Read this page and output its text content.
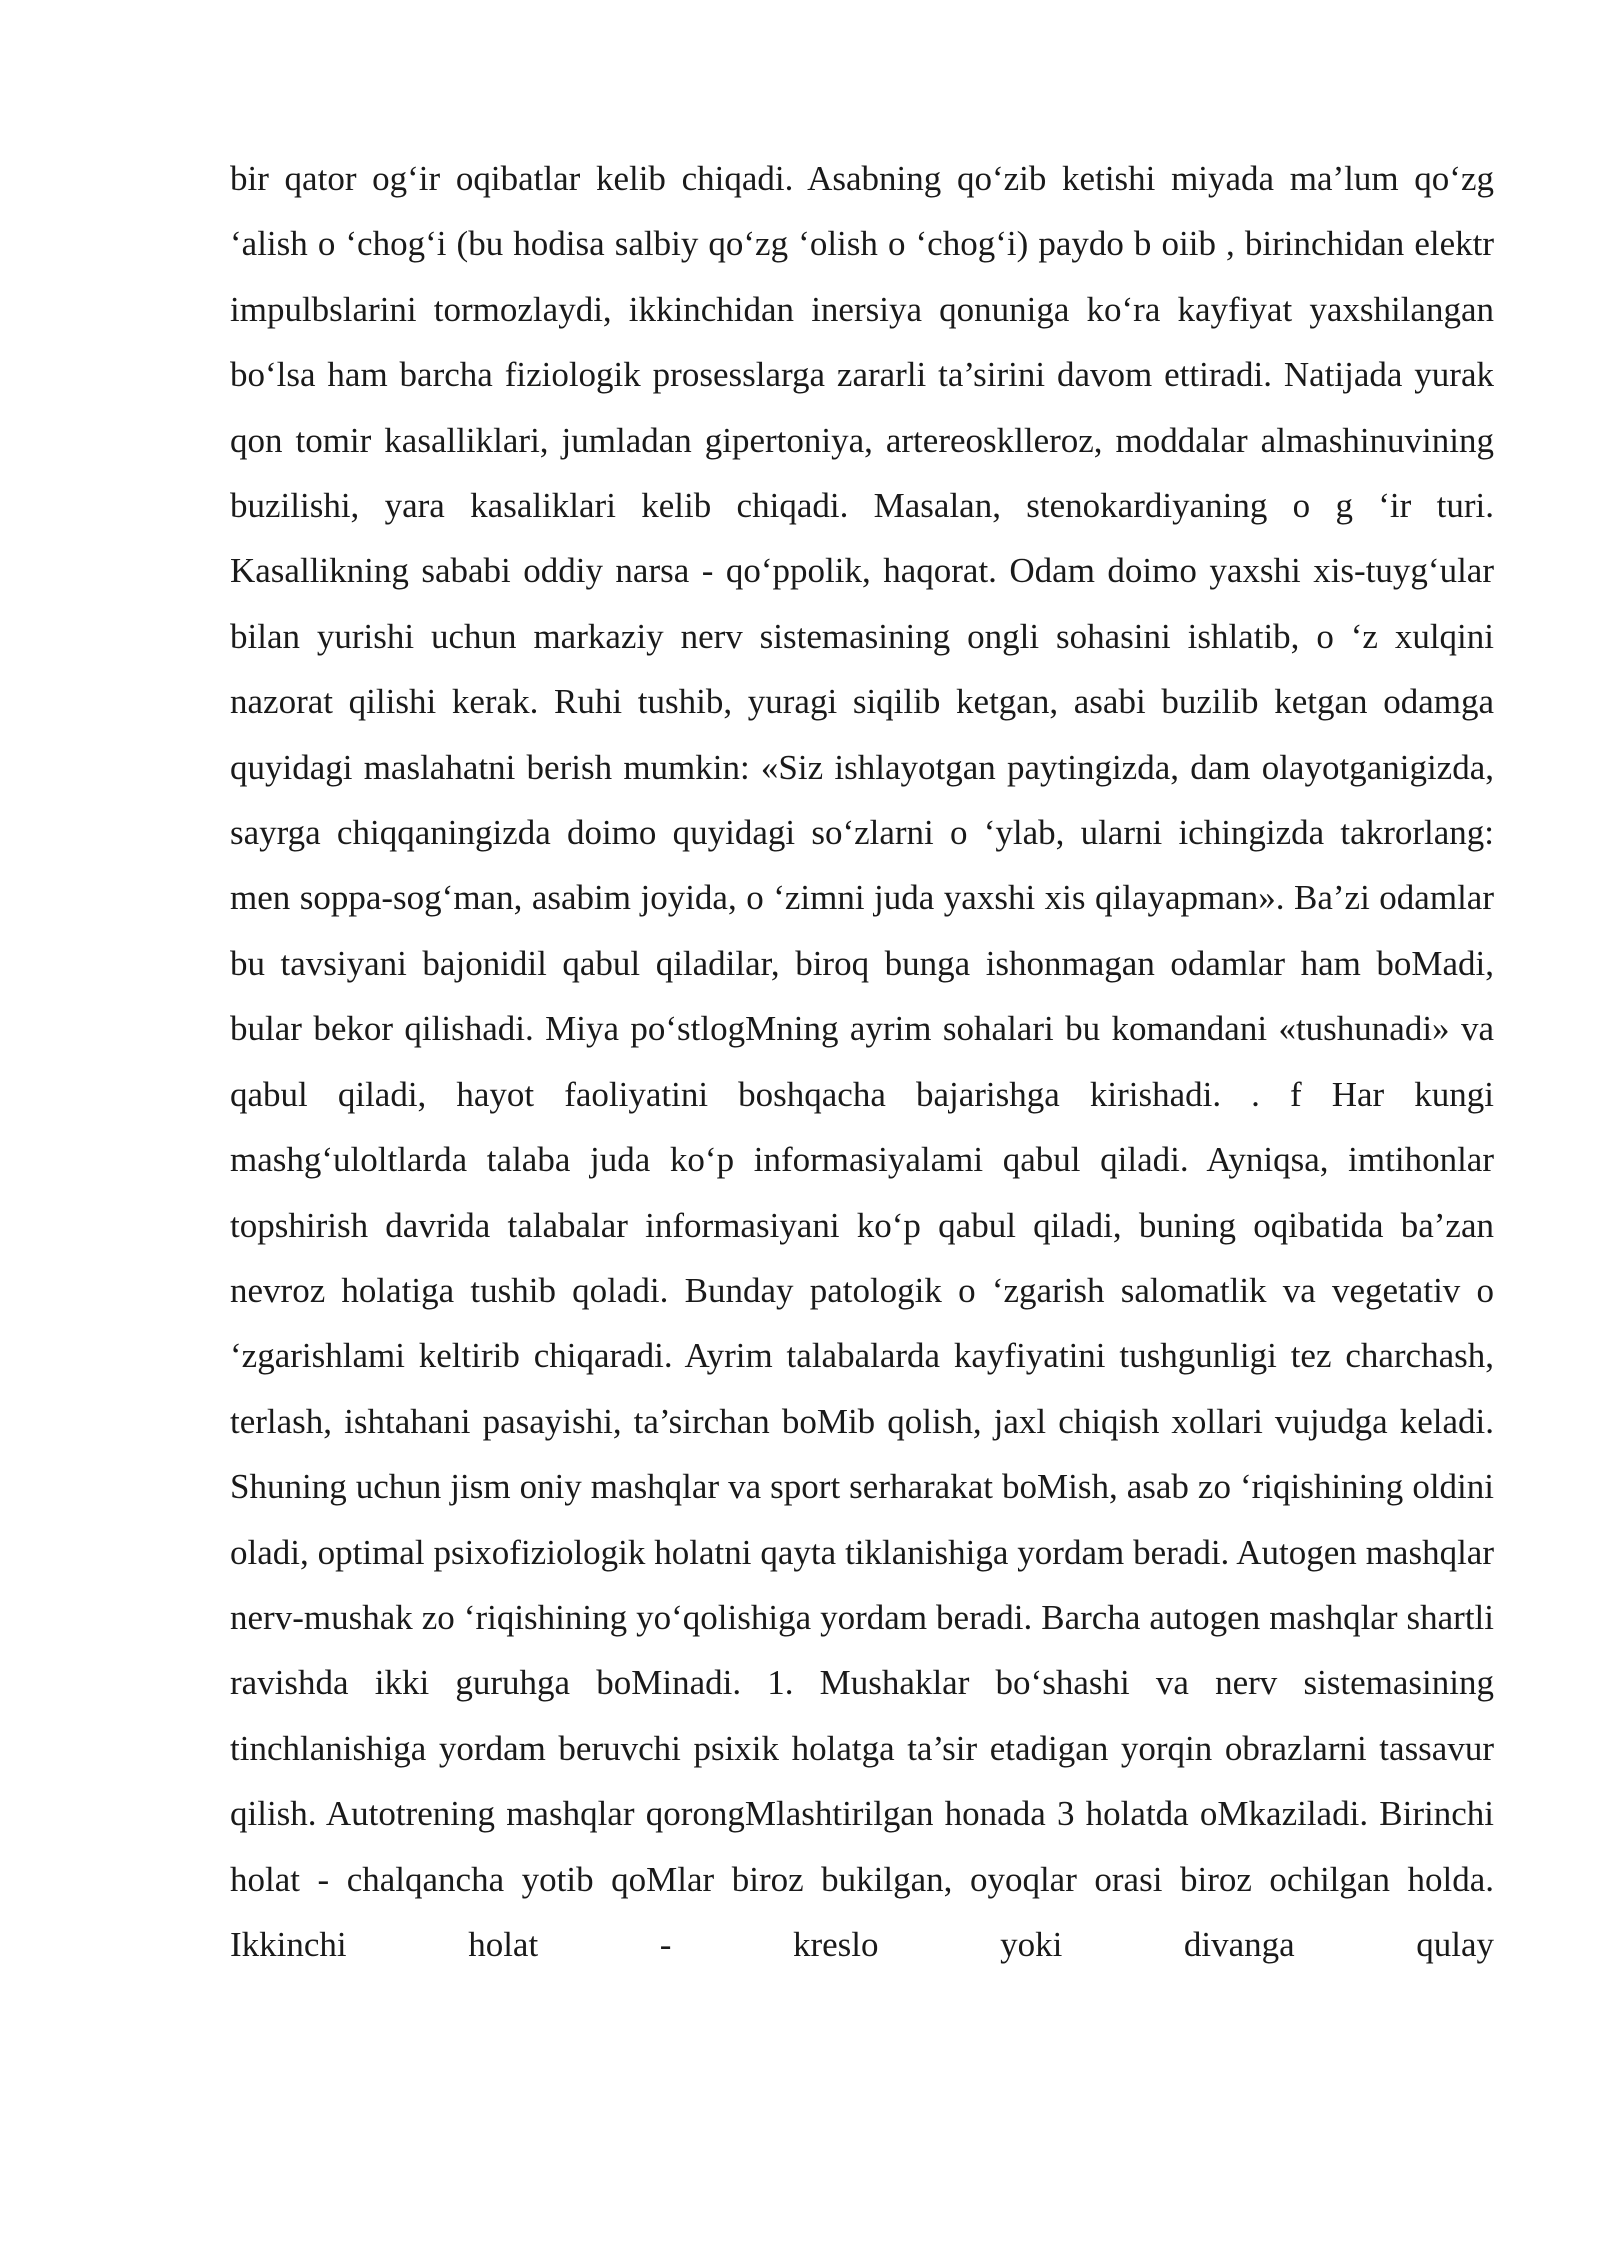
bir qator og‘ir oqibatlar kelib chiqadi. Asabning qo‘zib ketishi miyada ma’lum qo‘zg ‘alish o ‘chog‘i (bu hodisa salbiy qo‘zg ‘olish o ‘chog‘i) paydo b oiib , birinchidan elektr impulbslarini tormozlaydi, ikkinchidan inersiya qonuniga ko‘ra kayfiyat yaxshilangan bo‘lsa ham barcha fiziologik prosesslarga zararli ta’sirini davom ettiradi. Natijada yurak qon tomir kasalliklari, jumladan gipertoniya, artereosklleroz, moddalar almashinuvining buzilishi, yara kasaliklari kelib chiqadi. Masalan, stenokardiyaning o g ‘ir turi. Kasallikning sababi oddiy narsa - qo‘ppolik, haqorat. Odam doimo yaxshi xis-tuyg‘ular bilan yurishi uchun markaziy nerv sistemasining ongli sohasini ishlatib, o ‘z xulqini nazorat qilishi kerak. Ruhi tushib, yuragi siqilib ketgan, asabi buzilib ketgan odamga quyidagi maslahatni berish mumkin: «Siz ishlayotgan paytingizda, dam olayotganigizda, sayrga chiqqaningizda doimo quyidagi so‘zlarni o ‘ylab, ularni ichingizda takrorlang: men soppa-sog‘man, asabim joyida, o ‘zimni juda yaxshi xis qilayapman». Ba’zi odamlar bu tavsiyani bajonidil qabul qiladilar, biroq bunga ishonmagan odamlar ham boMadi, bular bekor qilishadi. Miya po‘stlogMning ayrim sohalari bu komandani «tushunadi» va qabul qiladi, hayot faoliyatini boshqacha bajarishga kirishadi. . f Har kungi mashg‘uloltlarda talaba juda ko‘p informasiyalami qabul qiladi. Ayniqsa, imtihonlar topshirish davrida talabalar informasiyani ko‘p qabul qiladi, buning oqibatida ba’zan nevroz holatiga tushib qoladi. Bunday patologik o ‘zgarish salomatlik va vegetativ o ‘zgarishlami keltirib chiqaradi. Ayrim talabalarda kayfiyatini tushgunligi tez charchash, terlash, ishtahani pasayishi, ta’sirchan boMib qolish, jaxl chiqish xollari vujudga keladi. Shuning uchun jism oniy mashqlar va sport serharakat boMish, asab zo ‘riqishining oldini oladi, optimal psixofiziologik holatni qayta tiklanishiga yordam beradi. Autogen mashqlar nerv-mushak zo ‘riqishining yo‘qolishiga yordam beradi. Barcha autogen mashqlar shartli ravishda ikki guruhga boMinadi. 1. Mushaklar bo‘shashi va nerv sistemasining tinchlanishiga yordam beruvchi psixik holatga ta’sir etadigan yorqin obrazlarni tassavur qilish. Autotrening mashqlar qorongMlashtirilgan honada 3 holatda oMkaziladi. Birinchi holat - chalqancha yotib qoMlar biroz bukilgan, oyoqlar orasi biroz ochilgan holda. Ikkinchi holat - kreslo yoki divanga qulay
